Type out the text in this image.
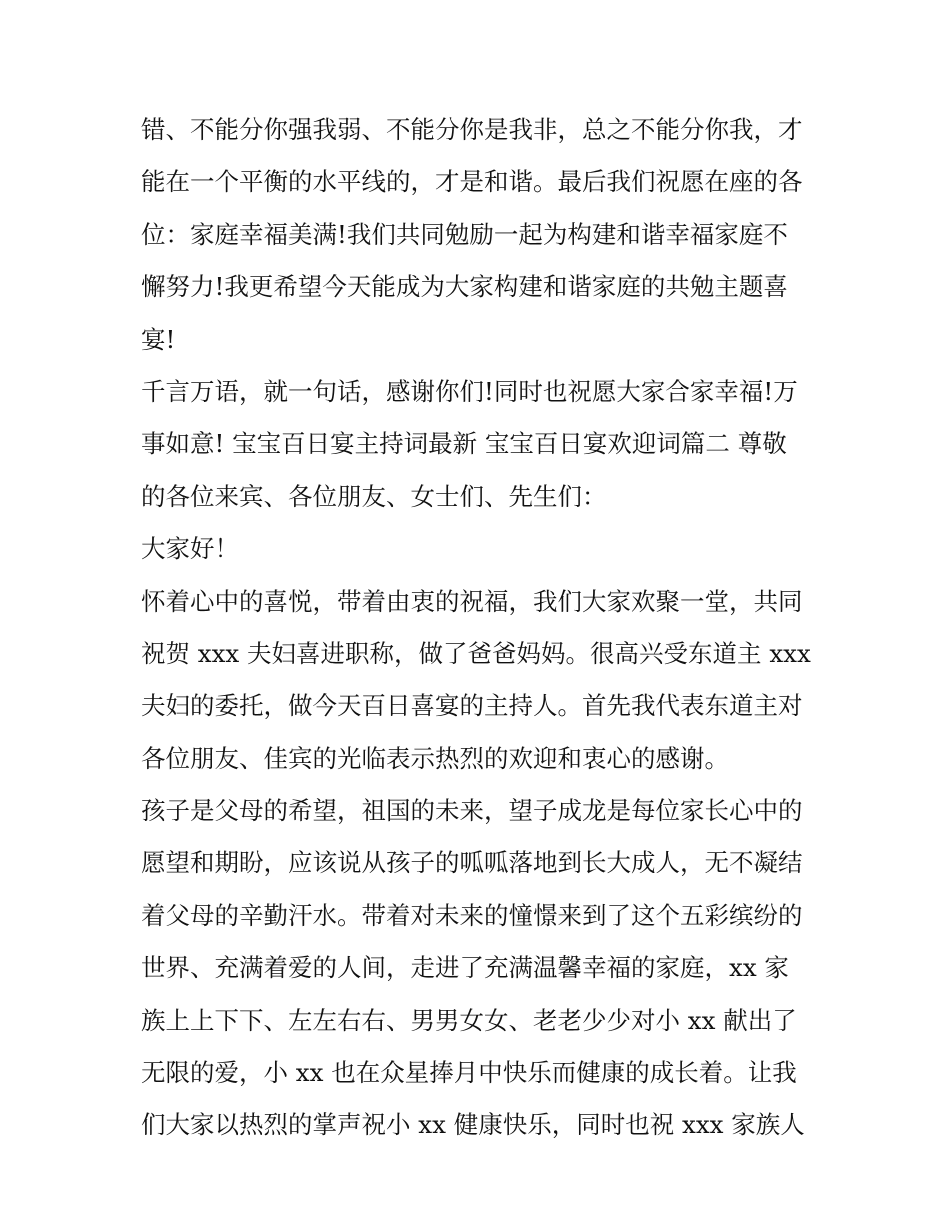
错、不能分你强我弱、不能分你是我非，总之不能分你我，才
能在一个平衡的水平线的，才是和谐。最后我们祝愿在座的各
位：家庭幸福美满!我们共同勉励一起为构建和谐幸福家庭不
懈努力!我更希望今天能成为大家构建和谐家庭的共勉主题喜
宴!
千言万语，就一句话，感谢你们!同时也祝愿大家合家幸福!万
事如意! 宝宝百日宴主持词最新 宝宝百日宴欢迎词篇二 尊敬
的各位来宾、各位朋友、女士们、先生们：
大家好！
怀着心中的喜悦，带着由衷的祝福，我们大家欢聚一堂，共同
祝贺 xxx 夫妇喜进职称，做了爸爸妈妈。很高兴受东道主 xxx
夫妇的委托，做今天百日喜宴的主持人。首先我代表东道主对
各位朋友、佳宾的光临表示热烈的欢迎和衷心的感谢。
孩子是父母的希望，祖国的未来，望子成龙是每位家长心中的
愿望和期盼，应该说从孩子的呱呱落地到长大成人，无不凝结
着父母的辛勤汗水。带着对未来的憧憬来到了这个五彩缤纷的
世界、充满着爱的人间，走进了充满温馨幸福的家庭，xx 家
族上上下下、左左右右、男男女女、老老少少对小 xx 献出了
无限的爱，小 xx 也在众星捧月中快乐而健康的成长着。让我
们大家以热烈的掌声祝小 xx 健康快乐，同时也祝 xxx 家族人
